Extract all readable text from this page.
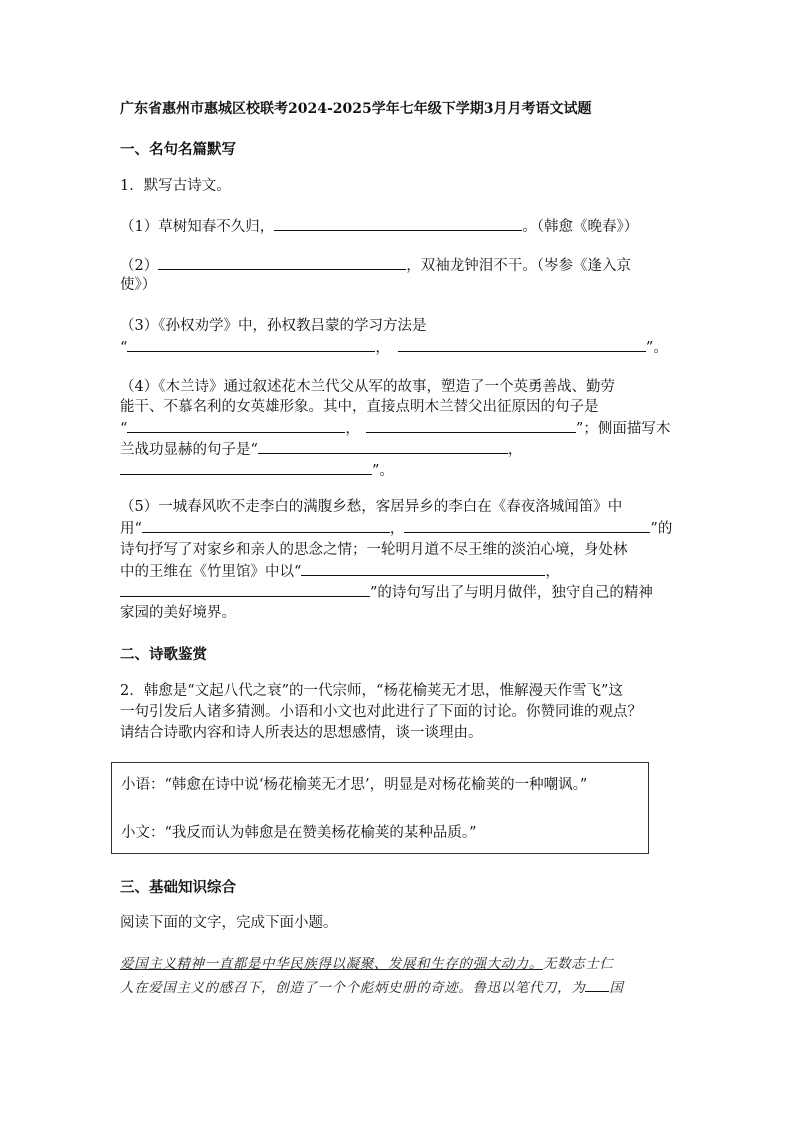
广东省惠州市惠城区校联考2024-2025学年七年级下学期3月月考语文试题
一、名句名篇默写
1．默写古诗文。
（1）草树知春不久归，	。（韩愈《晚春》）
（2）	，双袖龙钟泪不干。（岑参《逢入京
使》）
（3）《孙权劝学》中，孙权教吕蒙的学习方法是
“	，	”。
（4）《木兰诗》通过叙述花木兰代父从军的故事，塑造了一个英勇善战、勤劳
能干、不慕名利的女英雄形象。其中，直接点明木兰替父出征原因的句子是
“	，	”；侧面描写木
兰战功显赫的句子是“	，
”。
（5）一城春风吹不走李白的满腹乡愁，客居异乡的李白在《春夜洛城闻笛》中
用“	，	”的
诗句抒写了对家乡和亲人的思念之情；一轮明月道不尽王维的淡泊心境，身处林
中的王维在《竹里馆》中以“	，
”的诗句写出了与明月做伴，独守自己的精神
家园的美好境界。
二、诗歌鉴赏
2．韩愈是“文起八代之衰”的一代宗师，“杨花榆荚无才思，惟解漫天作雪飞”这
一句引发后人诸多猜测。小语和小文也对此进行了下面的讨论。你赞同谁的观点？
请结合诗歌内容和诗人所表达的思想感情，谈一谈理由。
小语：“韩愈在诗中说‘杨花榆荚无才思’，明显是对杨花榆荚的一种嘲讽。”
小文：“我反而认为韩愈是在赞美杨花榆荚的某种品质。”
三、基础知识综合
阅读下面的文字，完成下面小题。
爱国主义精神一直都是中华民族得以凝聚、发展和生存的强大动力。无数志士仁
人在爱国主义的感召下，创造了一个个彪炳史册的奇迹。鲁迅以笔代刀，为 国
